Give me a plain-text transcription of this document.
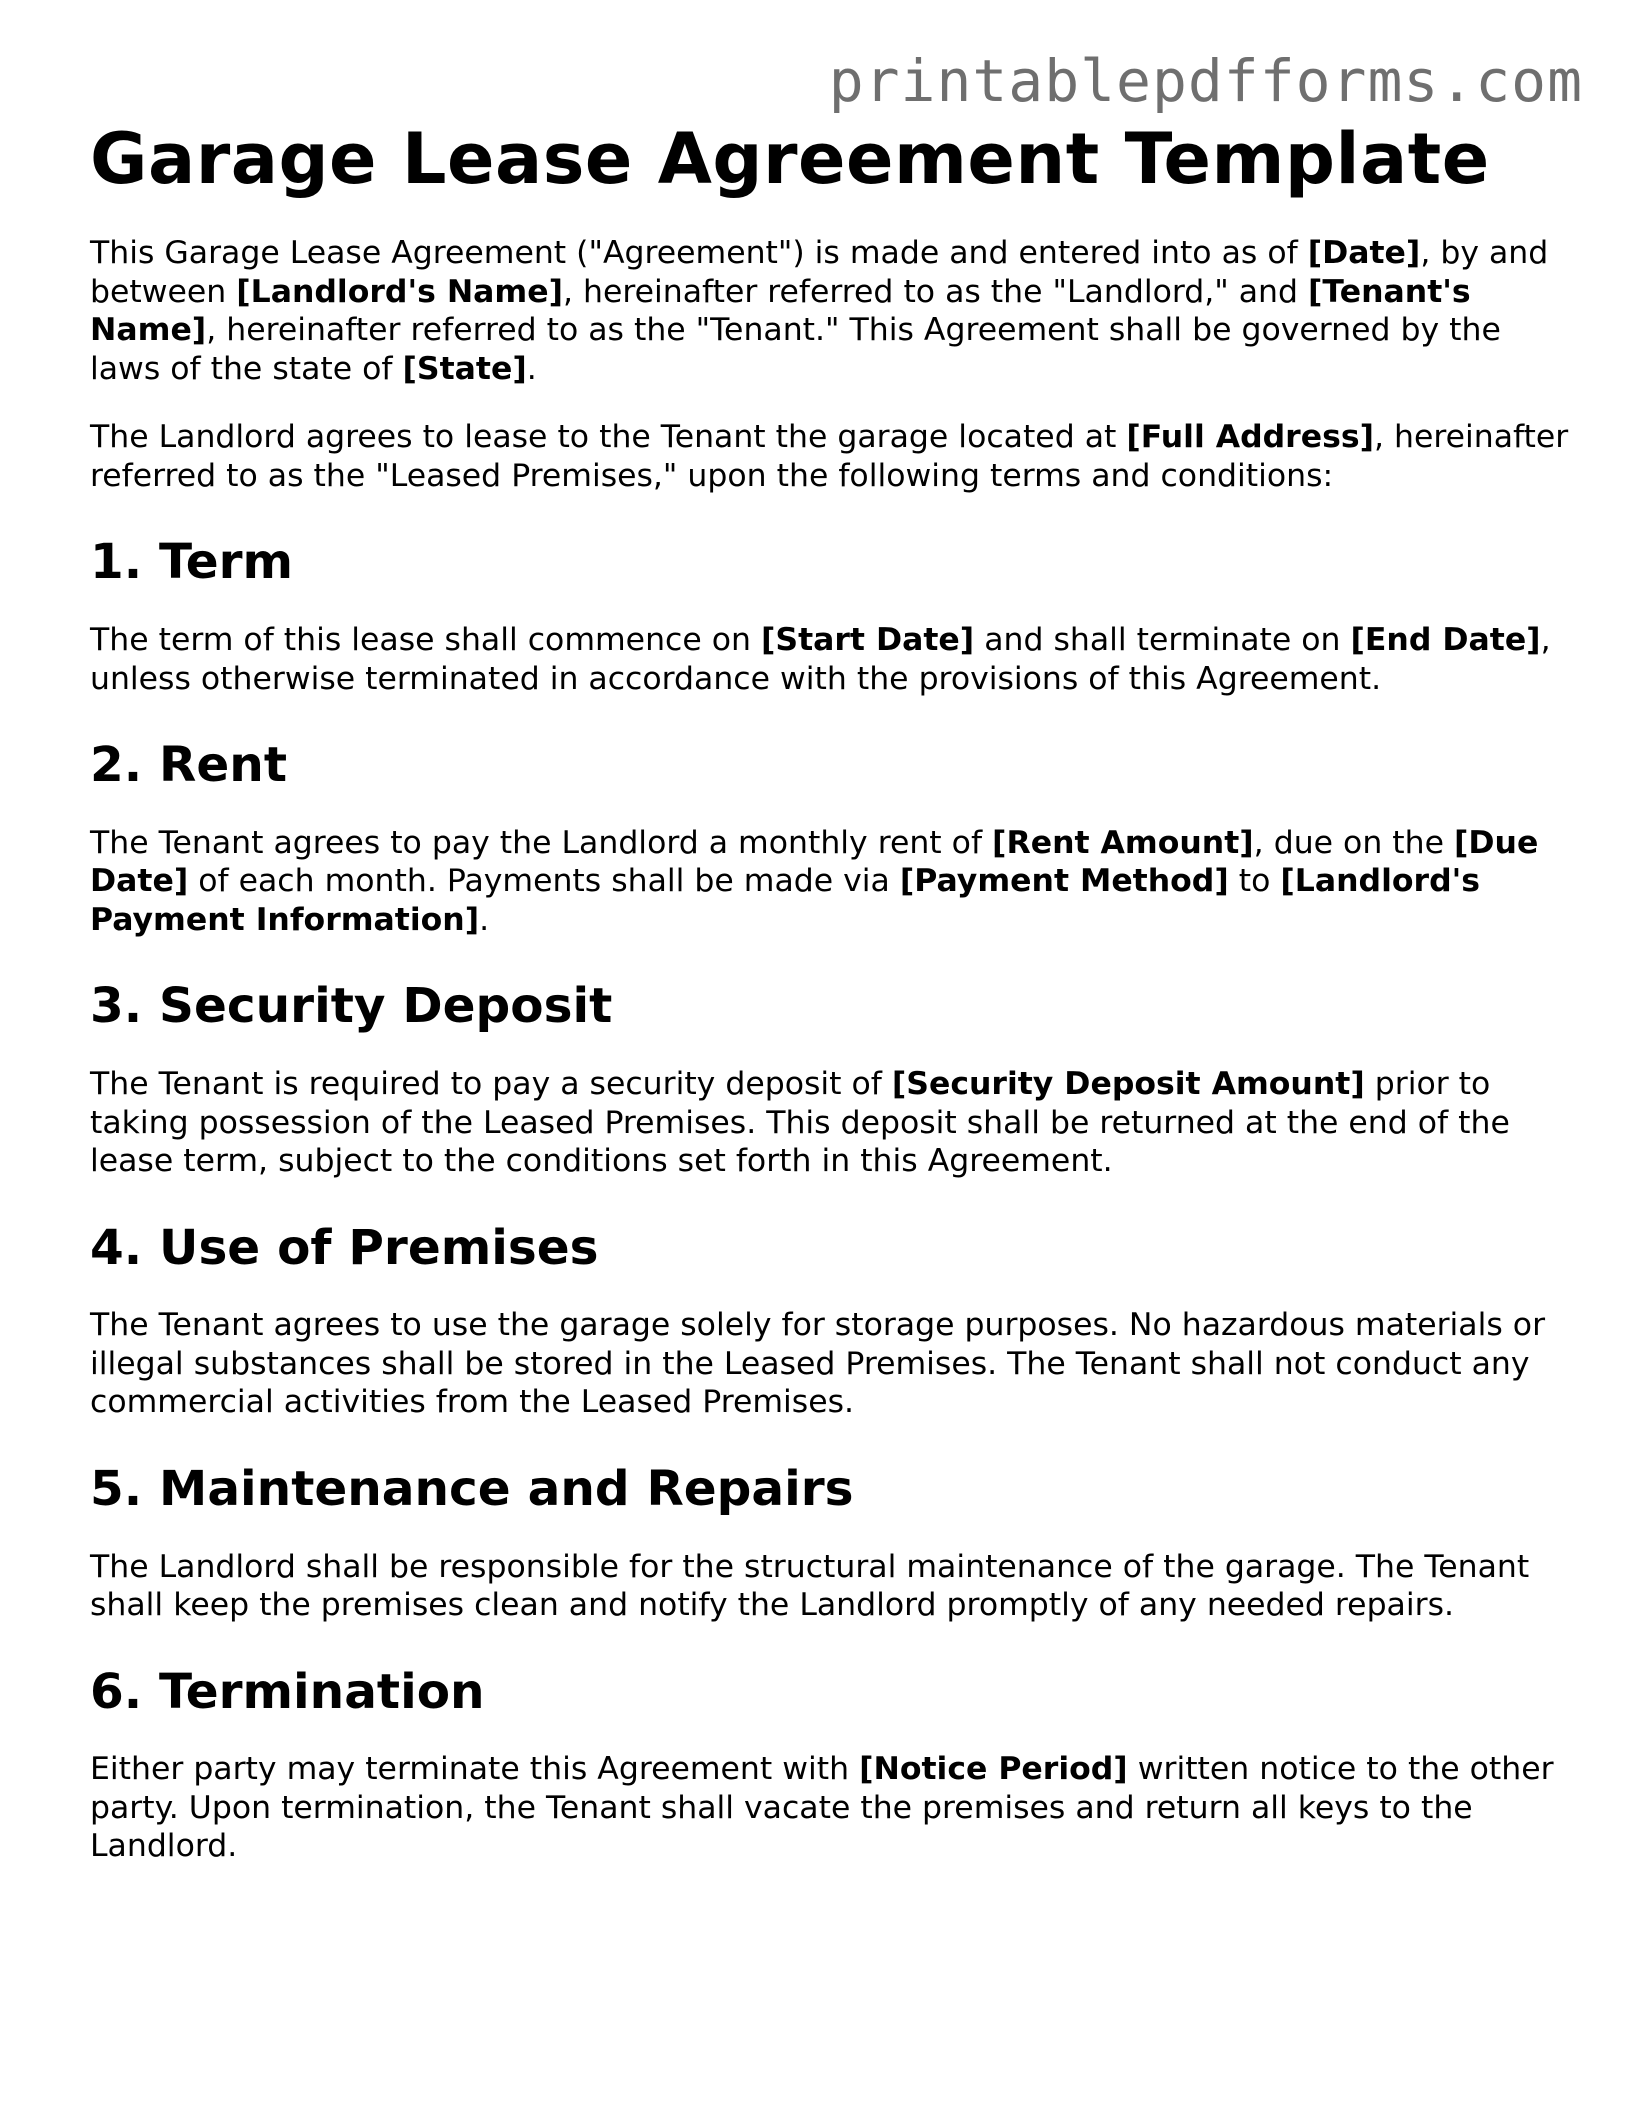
printablepdfforms.com
Garage Lease Agreement Template

This Garage Lease Agreement ("Agreement") is made and entered into as of [Date], by and between [Landlord's Name], hereinafter referred to as the "Landlord," and [Tenant's Name], hereinafter referred to as the "Tenant." This Agreement shall be governed by the laws of the state of [State].

The Landlord agrees to lease to the Tenant the garage located at [Full Address], hereinafter referred to as the "Leased Premises," upon the following terms and conditions:

1. Term

The term of this lease shall commence on [Start Date] and shall terminate on [End Date], unless otherwise terminated in accordance with the provisions of this Agreement.

2. Rent

The Tenant agrees to pay the Landlord a monthly rent of [Rent Amount], due on the [Due Date] of each month. Payments shall be made via [Payment Method] to [Landlord's Payment Information].

3. Security Deposit

The Tenant is required to pay a security deposit of [Security Deposit Amount] prior to taking possession of the Leased Premises. This deposit shall be returned at the end of the lease term, subject to the conditions set forth in this Agreement.

4. Use of Premises

The Tenant agrees to use the garage solely for storage purposes. No hazardous materials or illegal substances shall be stored in the Leased Premises. The Tenant shall not conduct any commercial activities from the Leased Premises.

5. Maintenance and Repairs

The Landlord shall be responsible for the structural maintenance of the garage. The Tenant shall keep the premises clean and notify the Landlord promptly of any needed repairs.

6. Termination

Either party may terminate this Agreement with [Notice Period] written notice to the other party. Upon termination, the Tenant shall vacate the premises and return all keys to the Landlord.
